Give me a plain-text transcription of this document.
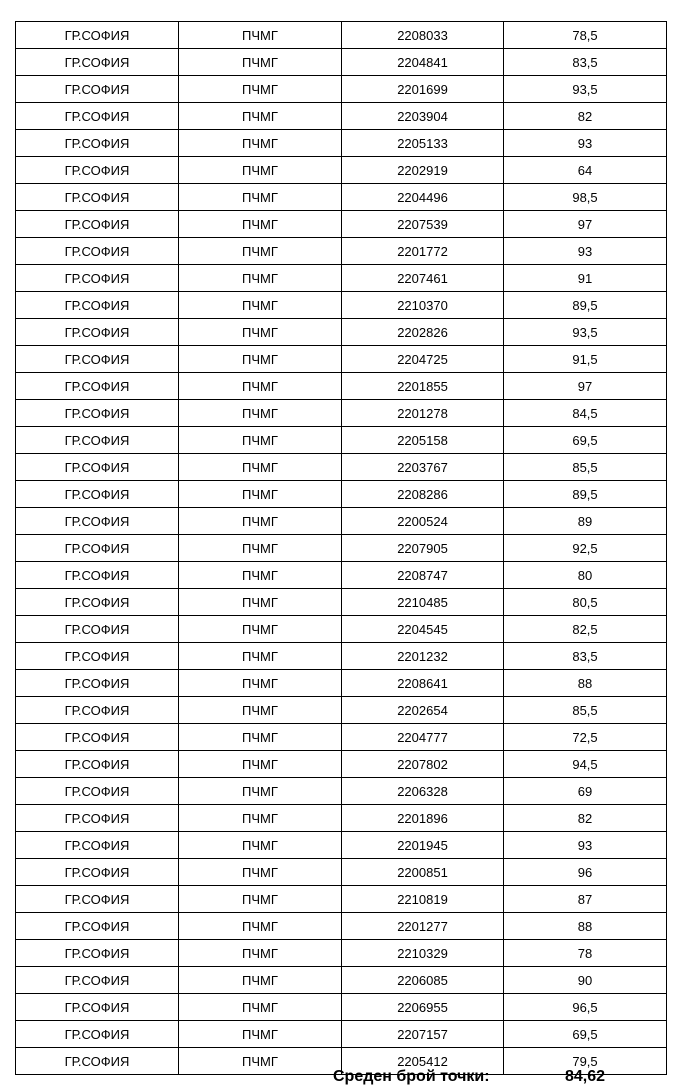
ГР.СОФИЯ	ПЧМГ	2208033	78,5
ГР.СОФИЯ	ПЧМГ	2204841	83,5
ГР.СОФИЯ	ПЧМГ	2201699	93,5
ГР.СОФИЯ	ПЧМГ	2203904	82
ГР.СОФИЯ	ПЧМГ	2205133	93
ГР.СОФИЯ	ПЧМГ	2202919	64
ГР.СОФИЯ	ПЧМГ	2204496	98,5
ГР.СОФИЯ	ПЧМГ	2207539	97
ГР.СОФИЯ	ПЧМГ	2201772	93
ГР.СОФИЯ	ПЧМГ	2207461	91
ГР.СОФИЯ	ПЧМГ	2210370	89,5
ГР.СОФИЯ	ПЧМГ	2202826	93,5
ГР.СОФИЯ	ПЧМГ	2204725	91,5
ГР.СОФИЯ	ПЧМГ	2201855	97
ГР.СОФИЯ	ПЧМГ	2201278	84,5
ГР.СОФИЯ	ПЧМГ	2205158	69,5
ГР.СОФИЯ	ПЧМГ	2203767	85,5
ГР.СОФИЯ	ПЧМГ	2208286	89,5
ГР.СОФИЯ	ПЧМГ	2200524	89
ГР.СОФИЯ	ПЧМГ	2207905	92,5
ГР.СОФИЯ	ПЧМГ	2208747	80
ГР.СОФИЯ	ПЧМГ	2210485	80,5
ГР.СОФИЯ	ПЧМГ	2204545	82,5
ГР.СОФИЯ	ПЧМГ	2201232	83,5
ГР.СОФИЯ	ПЧМГ	2208641	88
ГР.СОФИЯ	ПЧМГ	2202654	85,5
ГР.СОФИЯ	ПЧМГ	2204777	72,5
ГР.СОФИЯ	ПЧМГ	2207802	94,5
ГР.СОФИЯ	ПЧМГ	2206328	69
ГР.СОФИЯ	ПЧМГ	2201896	82
ГР.СОФИЯ	ПЧМГ	2201945	93
ГР.СОФИЯ	ПЧМГ	2200851	96
ГР.СОФИЯ	ПЧМГ	2210819	87
ГР.СОФИЯ	ПЧМГ	2201277	88
ГР.СОФИЯ	ПЧМГ	2210329	78
ГР.СОФИЯ	ПЧМГ	2206085	90
ГР.СОФИЯ	ПЧМГ	2206955	96,5
ГР.СОФИЯ	ПЧМГ	2207157	69,5
ГР.СОФИЯ	ПЧМГ	2205412	79,5
Среден брой точки:	84,62
